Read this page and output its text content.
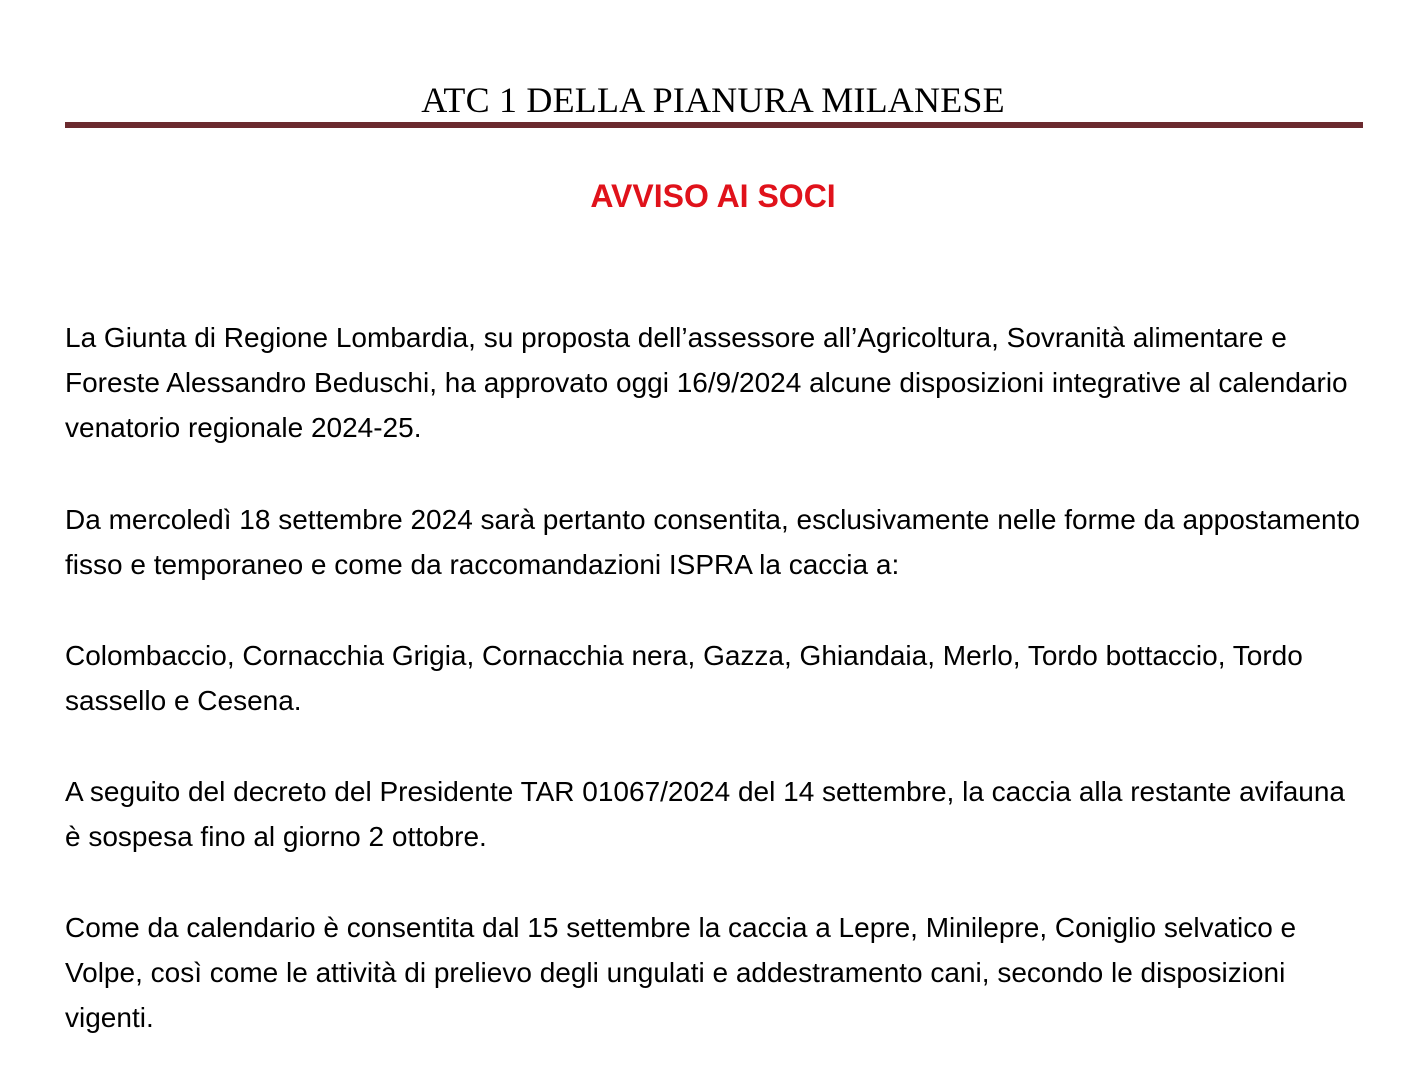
ATC 1 DELLA PIANURA MILANESE
AVVISO AI SOCI

La Giunta di Regione Lombardia, su proposta dell’assessore all’Agricoltura, Sovranità alimentare e Foreste Alessandro Beduschi, ha approvato oggi 16/9/2024 alcune disposizioni integrative al calendario venatorio regionale 2024-25.

Da mercoledì 18 settembre 2024 sarà pertanto consentita, esclusivamente nelle forme da appostamento fisso e temporaneo e come da raccomandazioni ISPRA la caccia a:

Colombaccio, Cornacchia Grigia, Cornacchia nera, Gazza, Ghiandaia, Merlo, Tordo bottaccio, Tordo sassello e Cesena.

A seguito del decreto del Presidente TAR 01067/2024 del 14 settembre, la caccia alla restante avifauna è sospesa fino al giorno 2 ottobre.

Come da calendario è consentita dal 15 settembre la caccia a Lepre, Minilepre, Coniglio selvatico e Volpe, così come le attività di prelievo degli ungulati e addestramento cani, secondo le disposizioni vigenti.
